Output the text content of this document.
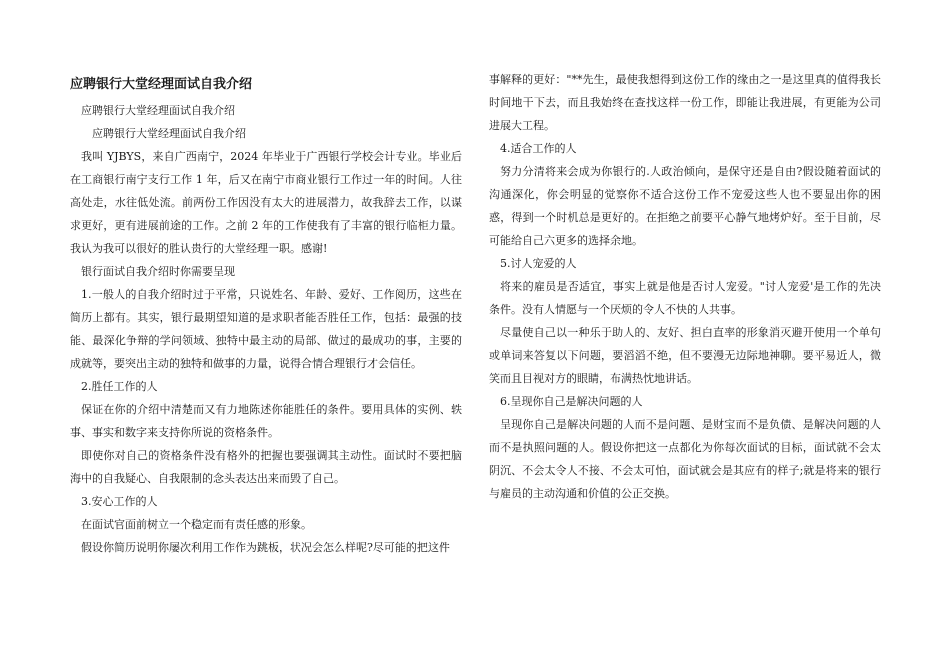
应聘银行大堂经理面试自我介绍

应聘银行大堂经理面试自我介绍

应聘银行大堂经理面试自我介绍

我叫 YJBYS，来自广西南宁，2024 年毕业于广西银行学校会计专业。毕业后在工商银行南宁支行工作 1 年，后又在南宁市商业银行工作过一年的时间。人往高处走，水往低处流。前两份工作因没有太大的进展潜力，故我辞去工作，以谋求更好，更有进展前途的工作。之前 2 年的工作使我有了丰富的银行临柜力量。我认为我可以很好的胜认贵行的大堂经理一职。感谢!

银行面试自我介绍时你需要呈现

1.一般人的自我介绍时过于平常，只说姓名、年龄、爱好、工作阅历，这些在简历上都有。其实，银行最期望知道的是求职者能否胜任工作，包括：最强的技能、最深化争辩的学问领域、独特中最主动的局部、做过的最成功的事，主要的成就等，要突出主动的独特和做事的力量，说得合情合理银行才会信任。

2.胜任工作的人

保证在你的介绍中清楚而又有力地陈述你能胜任的条件。要用具体的实例、轶事、事实和数字来支持你所说的资格条件。

即使你对自己的资格条件没有格外的把握也要强调其主动性。面试时不要把脑海中的自我疑心、自我限制的念头表达出来而毁了自己。

3.安心工作的人

在面试官面前树立一个稳定而有责任感的形象。

假设你简历说明你屡次利用工作作为跳板，状况会怎么样呢?尽可能的把这件

事解释的更好："**先生，最使我想得到这份工作的缘由之一是这里真的值得我长时间地干下去，而且我始终在查找这样一份工作，即能让我进展，有更能为公司进展大工程。

4.适合工作的人

努力分清将来会成为你银行的.人政治倾向，是保守还是自由?假设随着面试的沟通深化，你会明显的觉察你不适合这份工作不宠爱这些人也不要显出你的困惑，得到一个时机总是更好的。在拒绝之前要平心静气地烤炉好。至于目前，尽可能给自己六更多的选择余地。

5.讨人宠爱的人

将来的雇员是否适宜，事实上就是他是否讨人宠爱。"讨人宠爱'是工作的先决条件。没有人情愿与一个厌烦的令人不快的人共事。

尽量使自己以一种乐于助人的、友好、担白直率的形象消灭避开使用一个单句或单词来答复以下问题，要滔滔不绝，但不要漫无边际地神聊。要平易近人，微笑而且目视对方的眼睛，布满热忱地讲话。

6.呈现你自己是解决问题的人

呈现你自己是解决问题的人而不是问题、是财宝而不是负债、是解决问题的人而不是执照问题的人。假设你把这一点都化为你每次面试的目标，面试就不会太阴沉、不会太令人不接、不会太可怕，面试就会是其应有的样子;就是将来的银行与雇员的主动沟通和价值的公正交换。
